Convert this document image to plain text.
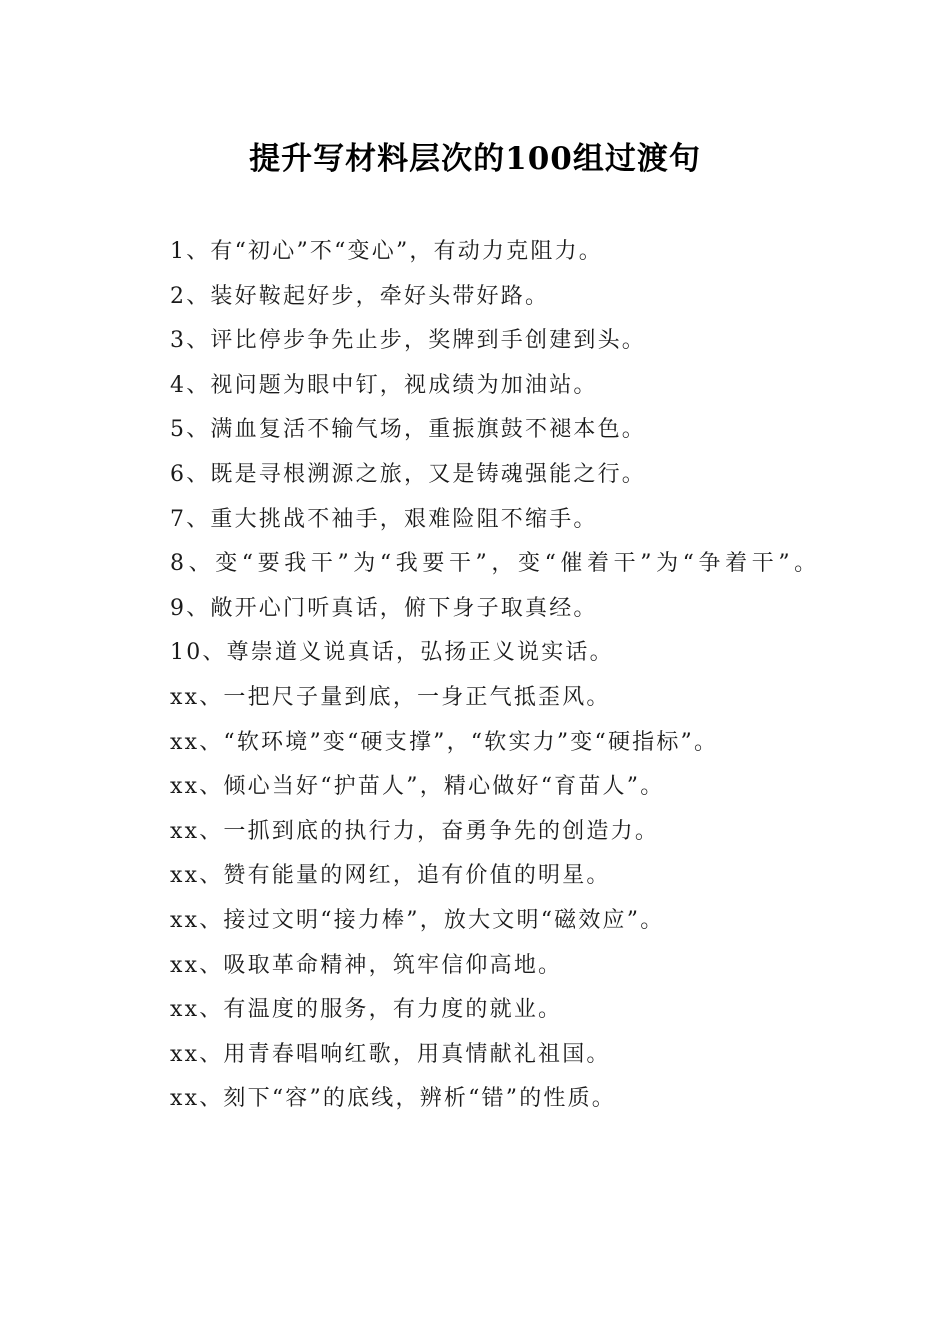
提升写材料层次的100组过渡句
1、有“初心”不“变心”，有动力克阻力。
2、装好鞍起好步，牵好头带好路。
3、评比停步争先止步，奖牌到手创建到头。
4、视问题为眼中钉，视成绩为加油站。
5、满血复活不输气场，重振旗鼓不褪本色。
6、既是寻根溯源之旅，又是铸魂强能之行。
7、重大挑战不袖手，艰难险阻不缩手。
8、变“要我干”为“我要干”，变“催着干”为“争着干”。
9、敞开心门听真话，俯下身子取真经。
10、尊崇道义说真话，弘扬正义说实话。
xx、一把尺子量到底，一身正气抵歪风。
xx、“软环境”变“硬支撑”，“软实力”变“硬指标”。
xx、倾心当好“护苗人”，精心做好“育苗人”。
xx、一抓到底的执行力，奋勇争先的创造力。
xx、赞有能量的网红，追有价值的明星。
xx、接过文明“接力棒”，放大文明“磁效应”。
xx、吸取革命精神，筑牢信仰高地。
xx、有温度的服务，有力度的就业。
xx、用青春唱响红歌，用真情献礼祖国。
xx、刻下“容”的底线，辨析“错”的性质。
